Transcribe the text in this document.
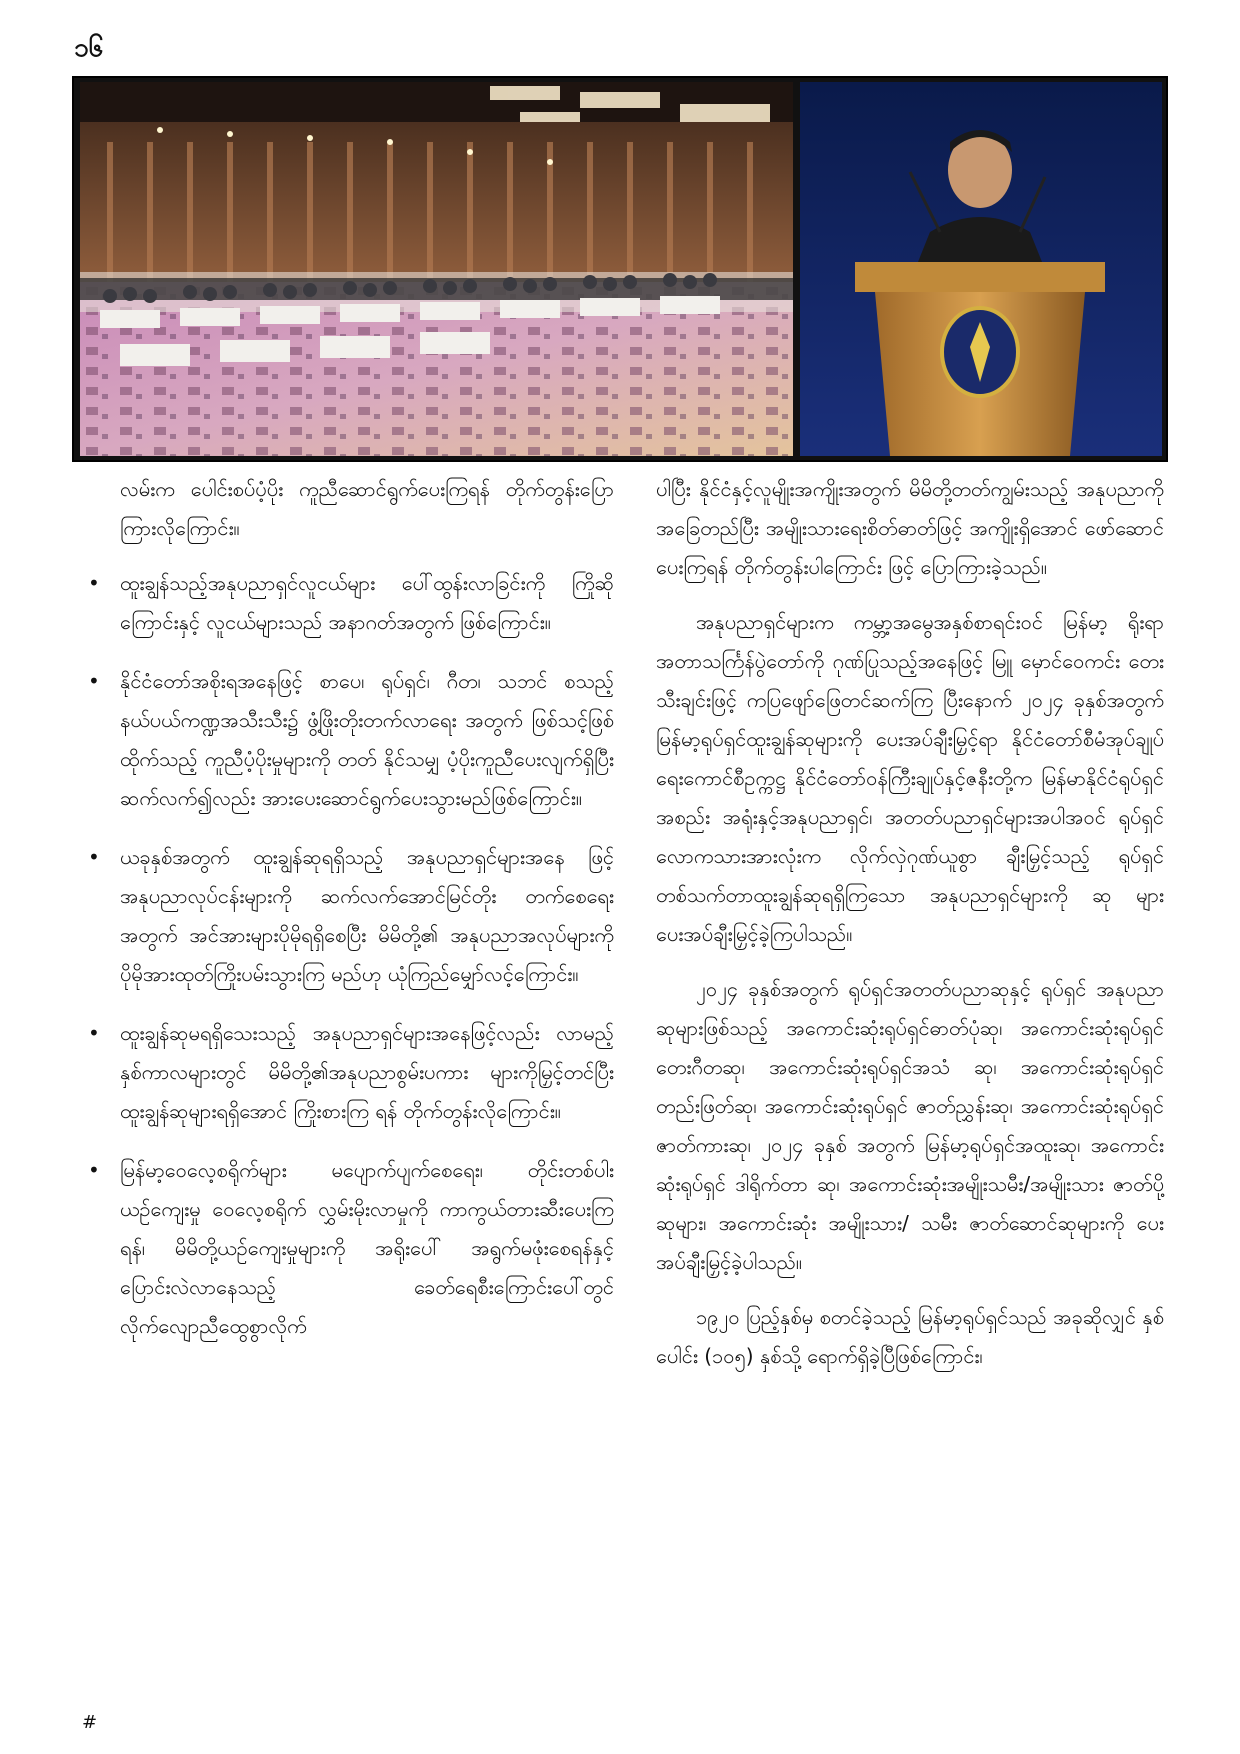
၁၆

လမ်းက ပေါင်းစပ်ပံ့ပိုး ကူညီဆောင်ရွက်ပေးကြရန် တိုက်တွန်းပြောကြားလိုကြောင်း။

• ထူးချွန်သည့်အနုပညာရှင်လူငယ်များ ပေါ်ထွန်းလာခြင်းကို ကြိုဆိုကြောင်းနှင့် လူငယ်များသည် အနာဂတ်အတွက် ဖြစ်ကြောင်း။
• နိုင်ငံတော်အစိုးရအနေဖြင့် စာပေ၊ ရုပ်ရှင်၊ ဂီတ၊ သဘင် စသည့် နယ်ပယ်ကဏ္ဍအသီးသီး၌ ဖွံ့ဖြိုးတိုးတက်လာရေး အတွက် ဖြစ်သင့်ဖြစ်ထိုက်သည့် ကူညီပံ့ပိုးမှုများကို တတ် နိုင်သမျှ ပံ့ပိုးကူညီပေးလျက်ရှိပြီး ဆက်လက်၍လည်း အားပေးဆောင်ရွက်ပေးသွားမည်ဖြစ်ကြောင်း။
• ယခုနှစ်အတွက် ထူးချွန်ဆုရရှိသည့် အနုပညာရှင်များအနေ ဖြင့် အနုပညာလုပ်ငန်းများကို ဆက်လက်အောင်မြင်တိုး တက်စေရေးအတွက် အင်အားများပိုမိုရရှိစေပြီး မိမိတို့၏ အနုပညာအလုပ်များကို ပိုမိုအားထုတ်ကြိုးပမ်းသွားကြ မည်ဟု ယုံကြည်မျှော်လင့်ကြောင်း။
• ထူးချွန်ဆုမရရှိသေးသည့် အနုပညာရှင်များအနေဖြင့်လည်း လာမည့်နှစ်ကာလများတွင် မိမိတို့၏အနုပညာစွမ်းပကား များကိုမြှင့်တင်ပြီး ထူးချွန်ဆုများရရှိအောင် ကြိုးစားကြ ရန် တိုက်တွန်းလိုကြောင်း။
• မြန်မာ့ဝေလေ့စရိုက်များ မပျောက်ပျက်စေရေး၊ တိုင်းတစ်ပါးယဉ်ကျေးမှု ဝေလေ့စရိုက် လွှမ်းမိုးလာမှုကို ကာကွယ်တားဆီးပေးကြရန်၊ မိမိတို့ယဉ်ကျေးမှုများကို အရိုးပေါ် အရွက်မဖုံးစေရန်နှင့် ပြောင်းလဲလာနေသည့် ခေတ်ရေစီးကြောင်းပေါ်တွင် လိုက်လျောညီထွေစွာလိုက်

ပါပြီး နိုင်ငံနှင့်လူမျိုးအကျိုးအတွက် မိမိတို့တတ်ကျွမ်းသည့် အနုပညာကို အခြေတည်ပြီး အမျိုးသားရေးစိတ်ဓာတ်ဖြင့် အကျိုးရှိအောင် ဖော်ဆောင်ပေးကြရန် တိုက်တွန်းပါကြောင်း ဖြင့် ပြောကြားခဲ့သည်။

အနုပညာရှင်များက ကမ္ဘာ့အမွေအနှစ်စာရင်းဝင် မြန်မာ့ ရိုးရာ အတာသင်္ကြန်ပွဲတော်ကို ဂုဏ်ပြုသည့်အနေဖြင့် မြူ မှောင်ဝေကင်း တေးသီးချင်းဖြင့် ကပြဖျော်ဖြေတင်ဆက်ကြ ပြီးနောက် ၂၀၂၄ ခုနှစ်အတွက် မြန်မာ့ရုပ်ရှင်ထူးချွန်ဆုများကို ပေးအပ်ချီးမြှင့်ရာ နိုင်ငံတော်စီမံအုပ်ချုပ်ရေးကောင်စီဥက္ကဋ္ဌ နိုင်ငံတော်ဝန်ကြီးချုပ်နှင့်ဇနီးတို့က မြန်မာနိုင်ငံရုပ်ရှင်အစည်း အရုံးနှင့်အနုပညာရှင်၊ အတတ်ပညာရှင်များအပါအဝင် ရုပ်ရှင် လောကသားအားလုံးက လိုက်လှဲဂုဏ်ယူစွာ ချီးမြှင့်သည့် ရုပ်ရှင် တစ်သက်တာထူးချွန်ဆုရရှိကြသော အနုပညာရှင်များကို ဆု များ ပေးအပ်ချီးမြှင့်ခဲ့ကြပါသည်။

၂၀၂၄ ခုနှစ်အတွက် ရုပ်ရှင်အတတ်ပညာဆုနှင့် ရုပ်ရှင် အနုပညာဆုများဖြစ်သည့် အကောင်းဆုံးရုပ်ရှင်ဓာတ်ပုံဆု၊ အကောင်းဆုံးရုပ်ရှင်တေးဂီတဆု၊ အကောင်းဆုံးရုပ်ရှင်အသံ ဆု၊ အကောင်းဆုံးရုပ်ရှင်တည်းဖြတ်ဆု၊ အကောင်းဆုံးရုပ်ရှင် ဇာတ်ညွှန်းဆု၊ အကောင်းဆုံးရုပ်ရှင်ဇာတ်ကားဆု၊ ၂၀၂၄ ခုနှစ် အတွက် မြန်မာ့ရုပ်ရှင်အထူးဆု၊ အကောင်းဆုံးရုပ်ရှင် ဒါရိုက်တာ ဆု၊ အကောင်းဆုံးအမျိုးသမီး/အမျိုးသား ဇာတ်ပို့ဆုများ၊ အကောင်းဆုံး အမျိုးသား/ သမီး ဇာတ်ဆောင်ဆုများကို ပေး အပ်ချီးမြှင့်ခဲ့ပါသည်။

၁၉၂၀ ပြည့်နှစ်မှ စတင်ခဲ့သည့် မြန်မာ့ရုပ်ရှင်သည် အခုဆိုလျှင် နှစ်ပေါင်း (၁၀၅) နှစ်သို့ ရောက်ရှိခဲ့ပြီဖြစ်ကြောင်း၊

#
